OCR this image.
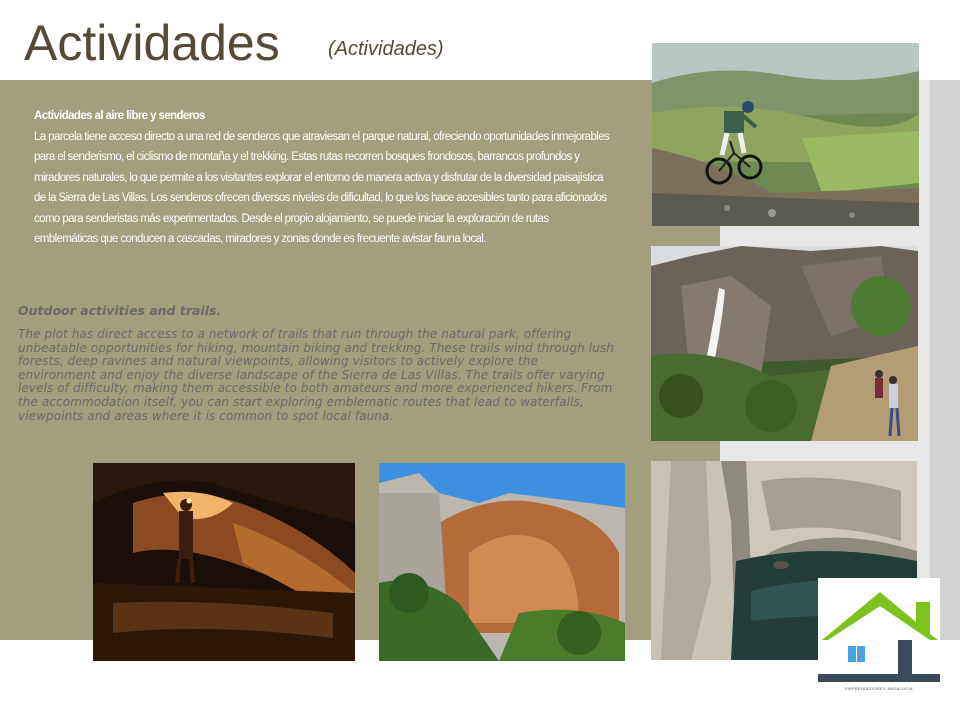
Actividades (Actividades)

Actividades al aire libre y senderos

La parcela tiene acceso directo a una red de senderos que atraviesan el parque natural, ofreciendo oportunidades inmejorables para el senderismo, el ciclismo de montaña y el trekking. Estas rutas recorren bosques frondosos, barrancos profundos y miradores naturales, lo que permite a los visitantes explorar el entorno de manera activa y disfrutar de la diversidad paisajística de la Sierra de Las Villas. Los senderos ofrecen diversos niveles de dificultad, lo que los hace accesibles tanto para aficionados como para senderistas más experimentados. Desde el propio alojamiento, se puede iniciar la exploración de rutas emblemáticas que conducen a cascadas, miradores y zonas donde es frecuente avistar fauna local.

Outdoor activities and trails.

The plot has direct access to a network of trails that run through the natural park, offering unbeatable opportunities for hiking, mountain biking and trekking. These trails wind through lush forests, deep ravines and natural viewpoints, allowing visitors to actively explore the environment and enjoy the diverse landscape of the Sierra de Las Villas. The trails offer varying levels of difficulty, making them accessible to both amateurs and more experienced hikers. From the accommodation itself, you can start exploring emblematic routes that lead to waterfalls, viewpoints and areas where it is common to spot local fauna.

EMPRENDEDORES ANDALUCIA
